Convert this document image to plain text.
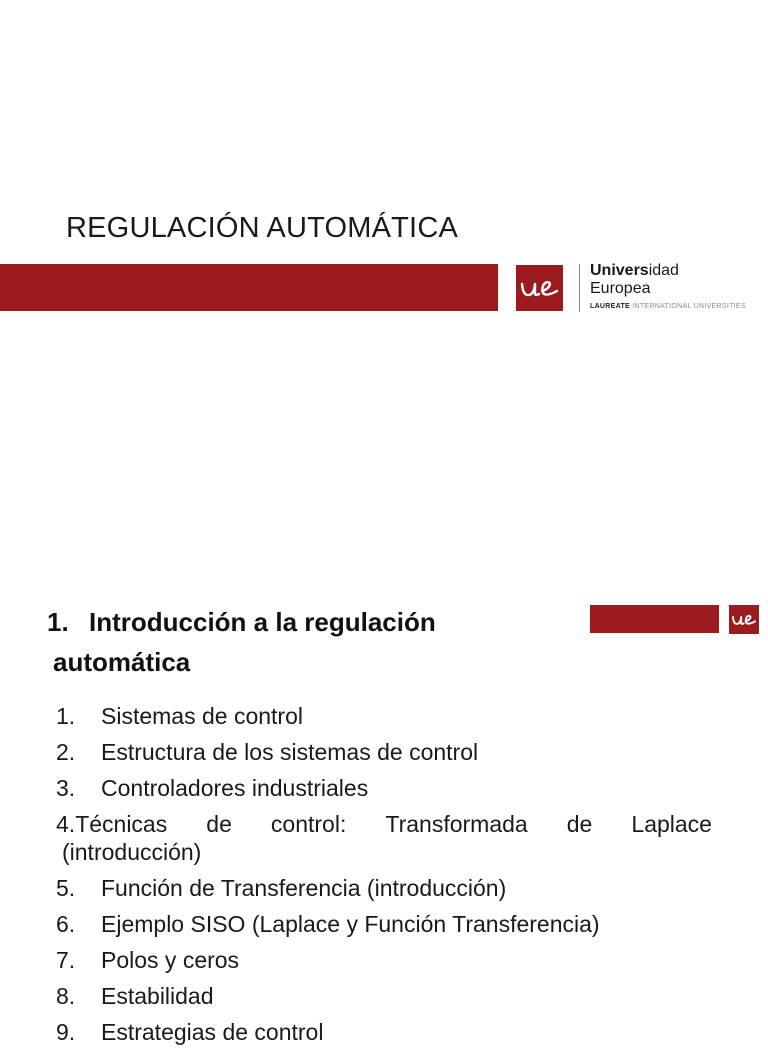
REGULACIÓN AUTOMÁTICA
Universidad
Europea
LAUREATE INTERNATIONAL UNIVERSITIES
1. Introducción a la regulación
automática
1. Sistemas de control
2. Estructura de los sistemas de control
3. Controladores industriales
4.Técnicas de control: Transformada de Laplace
(introducción)
5. Función de Transferencia (introducción)
6. Ejemplo SISO (Laplace y Función Transferencia)
7. Polos y ceros
8. Estabilidad
9. Estrategias de control
